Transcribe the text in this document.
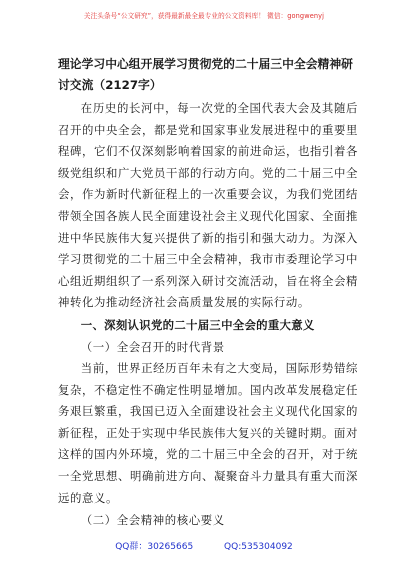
关注头条号“公文研究”，获得最新最全最专业的公文资料库！ 微信：gongwenyj
理论学习中心组开展学习贯彻党的二十届三中全会精神研讨交流（2127字）

在历史的长河中，每一次党的全国代表大会及其随后召开的中央全会，都是党和国家事业发展进程中的重要里程碑，它们不仅深刻影响着国家的前进命运，也指引着各级党组织和广大党员干部的行动方向。党的二十届三中全会，作为新时代新征程上的一次重要会议，为我们党团结带领全国各族人民全面建设社会主义现代化国家、全面推进中华民族伟大复兴提供了新的指引和强大动力。为深入学习贯彻党的二十届三中全会精神，我市市委理论学习中心组近期组织了一系列深入研讨交流活动，旨在将全会精神转化为推动经济社会高质量发展的实际行动。

一、深刻认识党的二十届三中全会的重大意义

（一）全会召开的时代背景

当前，世界正经历百年未有之大变局，国际形势错综复杂，不稳定性不确定性明显增加。国内改革发展稳定任务艰巨繁重，我国已迈入全面建设社会主义现代化国家的新征程，正处于实现中华民族伟大复兴的关键时期。面对这样的国内外环境，党的二十届三中全会的召开，对于统一全党思想、明确前进方向、凝聚奋斗力量具有重大而深远的意义。

（二）全会精神的核心要义

QQ群：30265665	QQ:535304092
